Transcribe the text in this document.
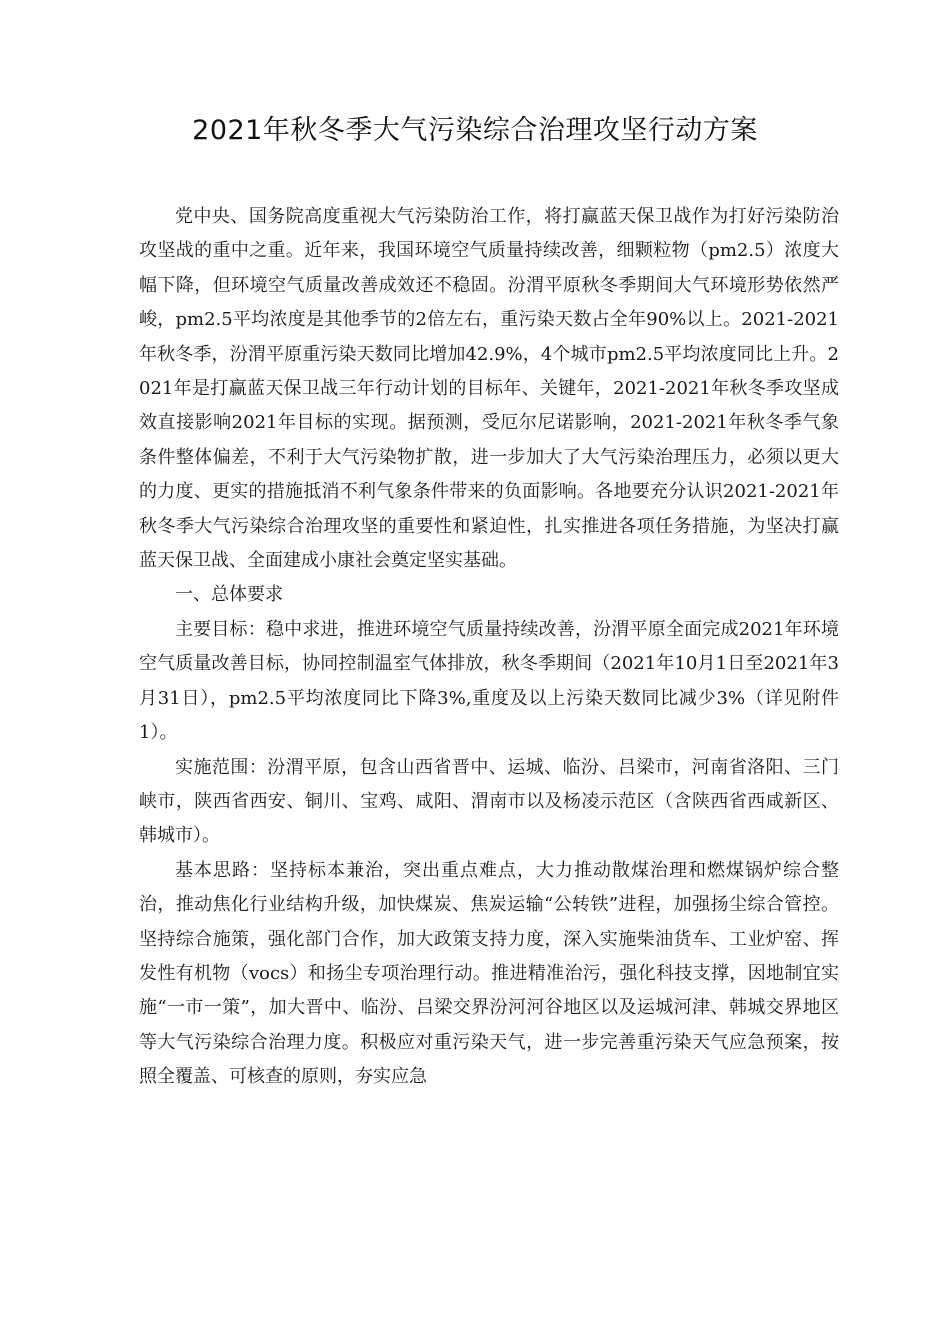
2021年秋冬季大气污染综合治理攻坚行动方案

党中央、国务院高度重视大气污染防治工作，将打赢蓝天保卫战作为打好污染防治攻坚战的重中之重。近年来，我国环境空气质量持续改善，细颗粒物（pm2.5）浓度大幅下降，但环境空气质量改善成效还不稳固。汾渭平原秋冬季期间大气环境形势依然严峻，pm2.5平均浓度是其他季节的2倍左右，重污染天数占全年90%以上。2021-2021年秋冬季，汾渭平原重污染天数同比增加42.9%，4个城市pm2.5平均浓度同比上升。2021年是打赢蓝天保卫战三年行动计划的目标年、关键年，2021-2021年秋冬季攻坚成效直接影响2021年目标的实现。据预测，受厄尔尼诺影响，2021-2021年秋冬季气象条件整体偏差，不利于大气污染物扩散，进一步加大了大气污染治理压力，必须以更大的力度、更实的措施抵消不利气象条件带来的负面影响。各地要充分认识2021-2021年秋冬季大气污染综合治理攻坚的重要性和紧迫性，扎实推进各项任务措施，为坚决打赢蓝天保卫战、全面建成小康社会奠定坚实基础。

一、总体要求

主要目标：稳中求进，推进环境空气质量持续改善，汾渭平原全面完成2021年环境空气质量改善目标，协同控制温室气体排放，秋冬季期间（2021年10月1日至2021年3月31日），pm2.5平均浓度同比下降3%,重度及以上污染天数同比减少3%（详见附件1）。

实施范围：汾渭平原，包含山西省晋中、运城、临汾、吕梁市，河南省洛阳、三门峡市，陕西省西安、铜川、宝鸡、咸阳、渭南市以及杨凌示范区（含陕西省西咸新区、韩城市）。

基本思路：坚持标本兼治，突出重点难点，大力推动散煤治理和燃煤锅炉综合整治，推动焦化行业结构升级，加快煤炭、焦炭运输“公转铁”进程，加强扬尘综合管控。坚持综合施策，强化部门合作，加大政策支持力度，深入实施柴油货车、工业炉窑、挥发性有机物（vocs）和扬尘专项治理行动。推进精准治污，强化科技支撑，因地制宜实施“一市一策”，加大晋中、临汾、吕梁交界汾河河谷地区以及运城河津、韩城交界地区等大气污染综合治理力度。积极应对重污染天气，进一步完善重污染天气应急预案，按照全覆盖、可核查的原则，夯实应急
